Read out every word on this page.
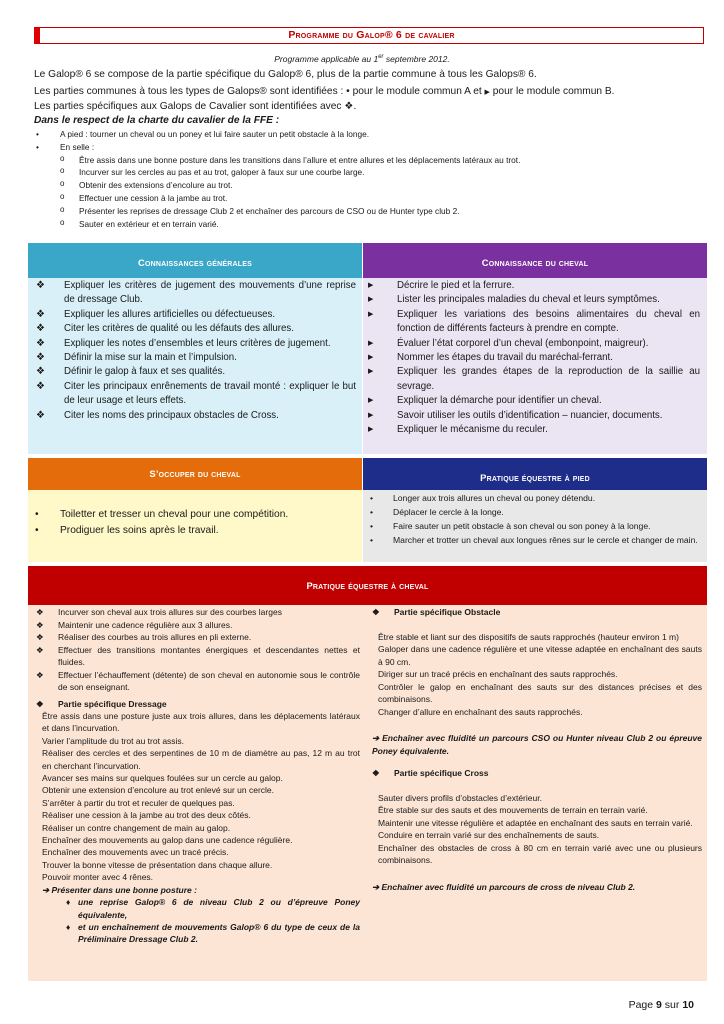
Programme du Galop® 6 de cavalier
Programme applicable au 1er septembre 2012.

Le Galop® 6 se compose de la partie spécifique du Galop® 6, plus de la partie commune à tous les Galops® 6.

Les parties communes à tous les types de Galops® sont identifiées : • pour le module commun A et ▶ pour le module commun B.

Les parties spécifiques aux Galops de Cavalier sont identifiées avec ❖.

Dans le respect de la charte du cavalier de la FFE :

• A pied : tourner un cheval ou un poney et lui faire sauter un petit obstacle à la longe.
• En selle :
o Être assis dans une bonne posture dans les transitions dans l’allure et entre allures et les déplacements latéraux au trot.
o Incurver sur les cercles au pas et au trot, galoper à faux sur une courbe large.
o Obtenir des extensions d’encolure au trot.
o Effectuer une cession à la jambe au trot.
o Présenter les reprises de dressage Club 2 et enchaîner des parcours de CSO ou de Hunter type club 2.
o Sauter en extérieur et en terrain varié.
Connaissances générales
❖ Expliquer les critères de jugement des mouvements d’une reprise de dressage Club.
❖ Expliquer les allures artificielles ou défectueuses.
❖ Citer les critères de qualité ou les défauts des allures.
❖ Expliquer les notes d’ensembles et leurs critères de jugement.
❖ Définir la mise sur la main et l’impulsion.
❖ Définir le galop à faux et ses qualités.
❖ Citer les principaux enrênements de travail monté : expliquer le but de leur usage et leurs effets.
❖ Citer les noms des principaux obstacles de Cross.
Connaissance du cheval
▶ Décrire le pied et la ferrure.
▶ Lister les principales maladies du cheval et leurs symptômes.
▶ Expliquer les variations des besoins alimentaires du cheval en fonction de différents facteurs à prendre en compte.
▶ Évaluer l’état corporel d’un cheval (embonpoint, maigreur).
▶ Nommer les étapes du travail du maréchal-ferrant.
▶ Expliquer les grandes étapes de la reproduction de la saillie au sevrage.
▶ Expliquer la démarche pour identifier un cheval.
▶ Savoir utiliser les outils d’identification – nuancier, documents.
▶ Expliquer le mécanisme du reculer.
S’occuper du cheval
• Toiletter et tresser un cheval pour une compétition.
• Prodiguer les soins après le travail.
Pratique équestre à pied
• Longer aux trois allures un cheval ou poney détendu.
• Déplacer le cercle à la longe.
• Faire sauter un petit obstacle à son cheval ou son poney à la longe.
• Marcher et trotter un cheval aux longues rênes sur le cercle et changer de main.
Pratique équestre à cheval
❖ Incurver son cheval aux trois allures sur des courbes larges
❖ Maintenir une cadence régulière aux 3 allures.
❖ Réaliser des courbes au trois allures en pli externe.
❖ Effectuer des transitions montantes énergiques et descendantes nettes et fluides.
❖ Effectuer l’échauffement (détente) de son cheval en autonomie sous le contrôle de son enseignant.
❖ Partie spécifique Dressage
Être assis dans une posture juste aux trois allures, dans les déplacements latéraux et dans l’incurvation.
Varier l’amplitude du trot au trot assis.
Réaliser des cercles et des serpentines de 10 m de diamètre au pas, 12 m au trot en cherchant l’incurvation.
Avancer ses mains sur quelques foulées sur un cercle au galop.
Obtenir une extension d’encolure au trot enlevé sur un cercle.
S’arrêter à partir du trot et reculer de quelques pas.
Réaliser une cession à la jambe au trot des deux côtés.
Réaliser un contre changement de main au galop.
Enchaîner des mouvements au galop dans une cadence régulière.
Enchaîner des mouvements avec un tracé précis.
Trouver la bonne vitesse de présentation dans chaque allure.
Pouvoir monter avec 4 rênes.
➔ Présenter dans une bonne posture :
♦ une reprise Galop® 6 de niveau Club 2 ou d’épreuve Poney équivalente,
♦ et un enchaînement de mouvements Galop® 6 du type de ceux de la Préliminaire Dressage Club 2.
❖ Partie spécifique Obstacle
Être stable et liant sur des dispositifs de sauts rapprochés (hauteur environ 1 m)
Galoper dans une cadence régulière et une vitesse adaptée en enchaînant des sauts à 90 cm.
Diriger sur un tracé précis en enchaînant des sauts rapprochés.
Contrôler le galop en enchaînant des sauts sur des distances précises et des combinaisons.
Changer d’allure en enchaînant des sauts rapprochés.
➔ Enchaîner avec fluidité un parcours CSO ou Hunter niveau Club 2 ou épreuve Poney équivalente.
❖ Partie spécifique Cross
Sauter divers profils d’obstacles d’extérieur.
Être stable sur des sauts et des mouvements de terrain en terrain varié.
Maintenir une vitesse régulière et adaptée en enchaînant des sauts en terrain varié.
Conduire en terrain varié sur des enchaînements de sauts.
Enchaîner des obstacles de cross à 80 cm en terrain varié avec une ou plusieurs combinaisons.
➔ Enchaîner avec fluidité un parcours de cross de niveau Club 2.
Page 9 sur 10
